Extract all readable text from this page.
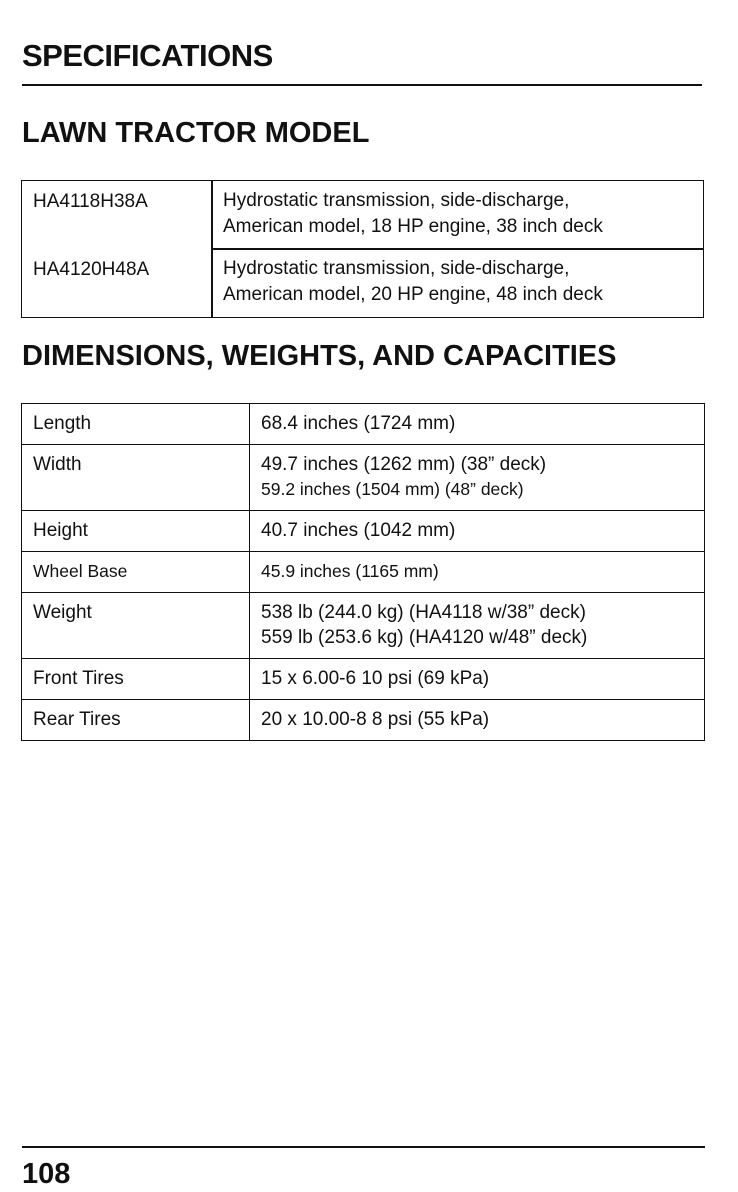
SPECIFICATIONS
LAWN TRACTOR MODEL
HA4118H38A	Hydrostatic transmission, side-discharge,
American model, 18 HP engine, 38 inch deck
HA4120H48A	Hydrostatic transmission, side-discharge,
American model, 20 HP engine, 48 inch deck
DIMENSIONS, WEIGHTS, AND CAPACITIES
Length	68.4 inches (1724 mm)

Width	49.7 inches (1262 mm) (38” deck)
59.2 inches (1504 mm) (48” deck)

Height	40.7 inches (1042 mm)

Wheel Base	45.9 inches (1165 mm)

Weight	538 lb (244.0 kg) (HA4118 w/38” deck)
559 lb (253.6 kg) (HA4120 w/48” deck)

Front Tires	15 x 6.00-6 10 psi (69 kPa)

Rear Tires	20 x 10.00-8 8 psi (55 kPa)
108
